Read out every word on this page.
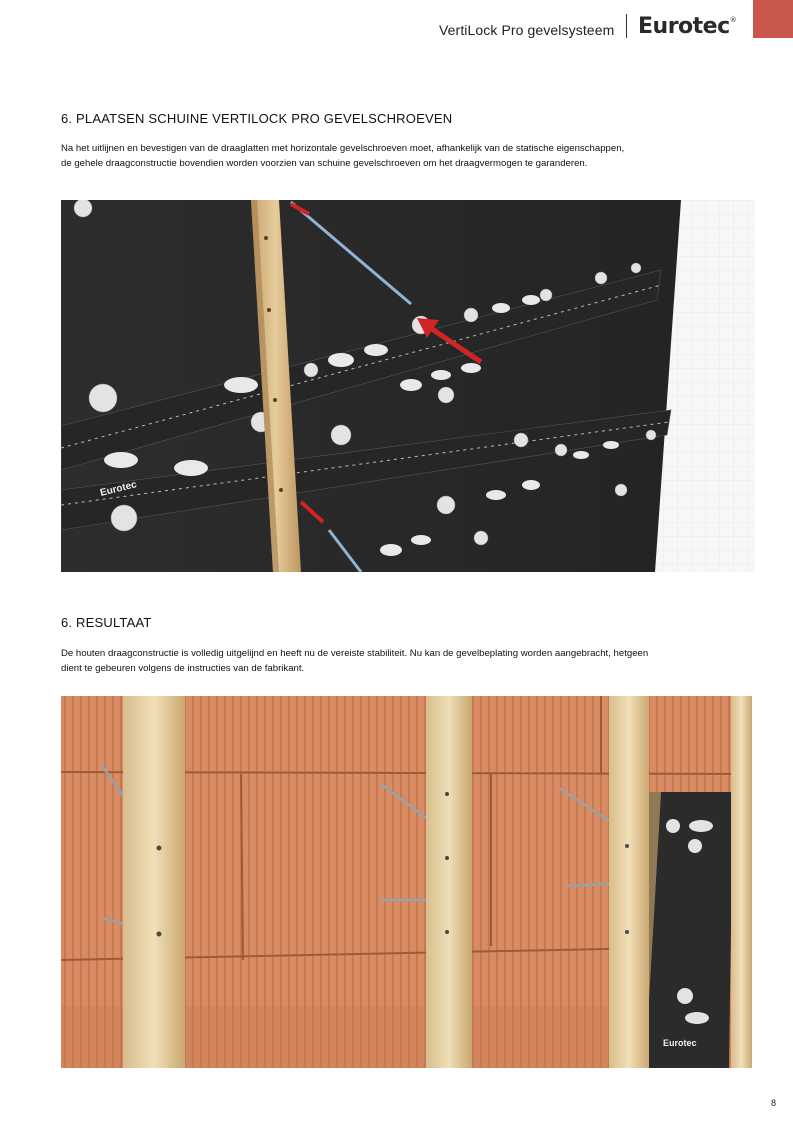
VertiLock Pro gevelsysteem Eurotec®
6. PLAATSEN SCHUINE VERTILOCK PRO GEVELSCHROEVEN

Na het uitlijnen en bevestigen van de draaglatten met horizontale gevelschroeven moet, afhankelijk van de statische eigenschappen,

de gehele draagconstructie bovendien worden voorzien van schuine gevelschroeven om het draagvermogen te garanderen.

Eurotec
6. RESULTAAT

De houten draagconstructie is volledig uitgelijnd en heeft nu de vereiste stabiliteit. Nu kan de gevelbeplating worden aangebracht, hetgeen

dient te gebeuren volgens de instructies van de fabrikant.

Eurotec
8
